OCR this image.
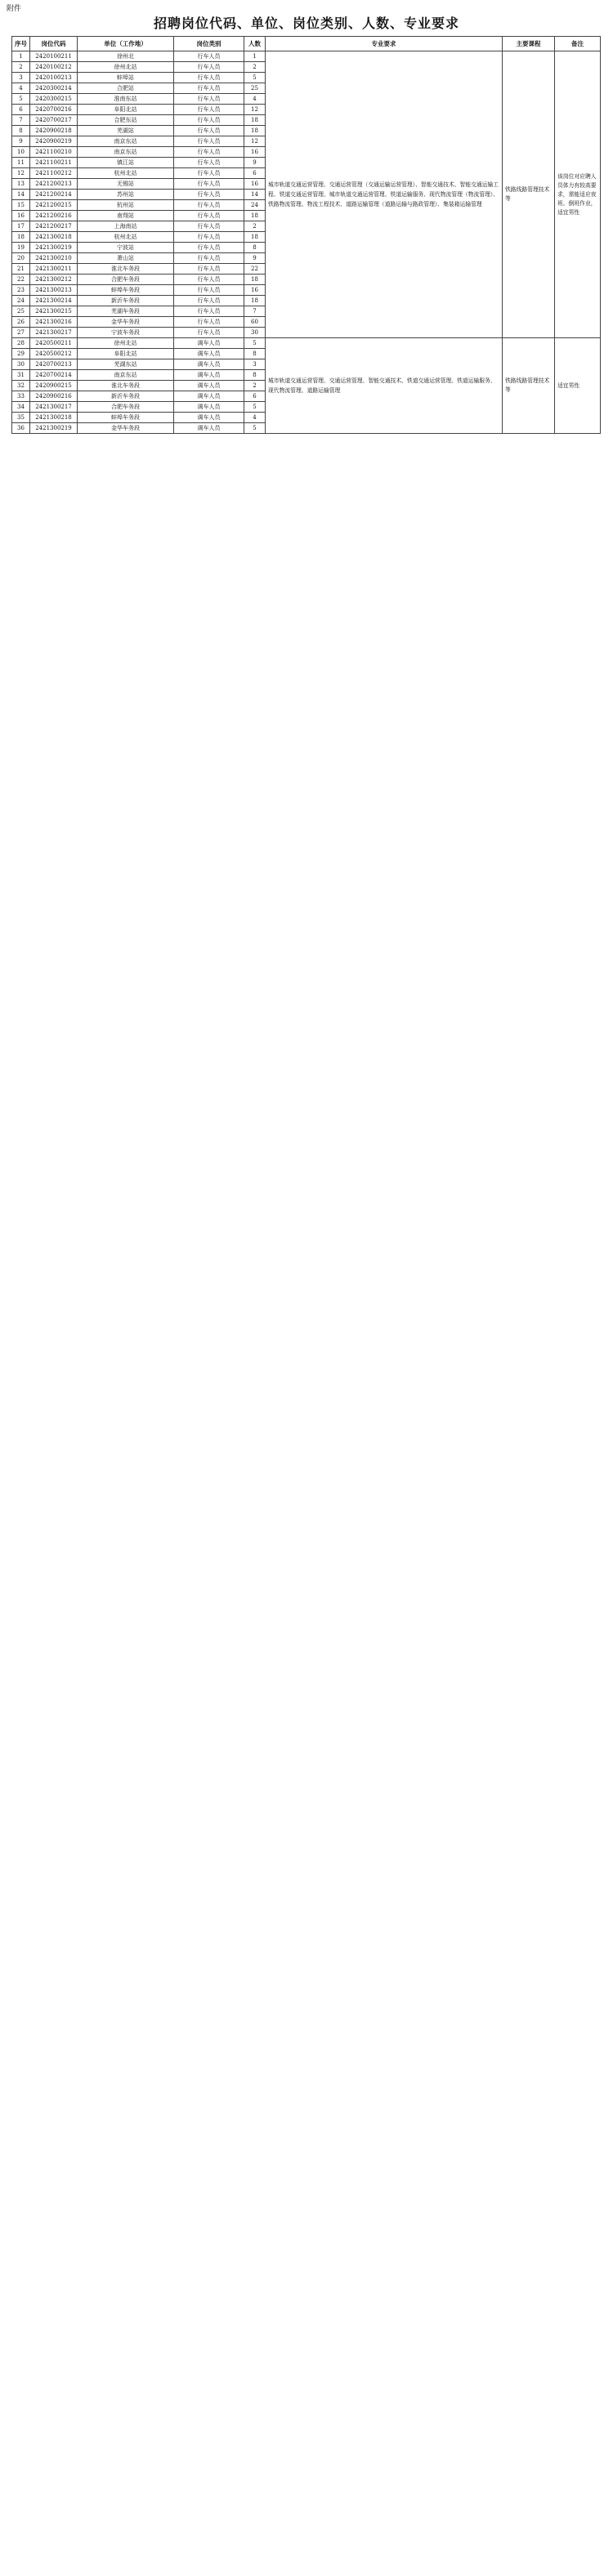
附件
招聘岗位代码、单位、岗位类别、人数、专业要求
序号	岗位代码	单位（工作地）	岗位类别	人数	专业要求	主要课程	备注
1	2420100211	徐州北	行车人员	1	城市轨道交通运营管理、交通运营管理（交通运输运营管理）、智能交通技术、智能交通运输工程、铁道交通运营管理、城市轨道交通运营管理、铁道运输服务、现代物流管理（物流管理）、铁路物流管理、物流工程技术、道路运输管理（道路运输与路政管理）、集装箱运输管理	铁路线路管理技术等	该岗位对应聘人员体力有较高要求，需能适应夜班、倒班作业，适宜男性
2	2420100212	徐州北站	行车人员	2			
3	2420100213	蚌埠站	行车人员	5			
4	2420300214	合肥站	行车人员	25			
5	2420300215	淮南东站	行车人员	4			
6	2420700216	阜阳北站	行车人员	12			
7	2420700217	合肥东站	行车人员	18			
8	2420900218	芜湖站	行车人员	18			
9	2420900219	南京东站	行车人员	12			
10	2421100210	南京东站	行车人员	16			
11	2421100211	镇江站	行车人员	9			
12	2421100212	杭州北站	行车人员	6			
13	2421200213	无锡站	行车人员	16			
14	2421200214	苏州站	行车人员	14			
15	2421200215	杭州站	行车人员	24			
16	2421200216	南翔站	行车人员	18			
17	2421200217	上海南站	行车人员	2			
18	2421300218	杭州北站	行车人员	18			
19	2421300219	宁波站	行车人员	8			
20	2421300210	萧山站	行车人员	9			
21	2421300211	淮北车务段	行车人员	22			
22	2421300212	合肥车务段	行车人员	18			
23	2421300213	蚌埠车务段	行车人员	16			
24	2421300214	新沂车务段	行车人员	18			
25	2421300215	芜湖车务段	行车人员	7			
26	2421300216	金华车务段	行车人员	60			
27	2421300217	宁波车务段	行车人员	30			
28	2420500211	徐州北站	调车人员	5	城市轨道交通运营管理、交通运营管理、智能交通技术、铁道交通运营管理、铁道运输服务、现代物流管理、道路运输管理	铁路线路管理技术等	适宜男性
29	2420500212	阜阳北站	调车人员	8			
30	2420700213	芜湖东站	调车人员	3			
31	2420700214	南京东站	调车人员	8			
32	2420900215	淮北车务段	调车人员	2			
33	2420900216	新沂车务段	调车人员	6			
34	2421300217	合肥车务段	调车人员	5			
35	2421300218	蚌埠车务段	调车人员	4			
36	2421300219	金华车务段	调车人员	5			
